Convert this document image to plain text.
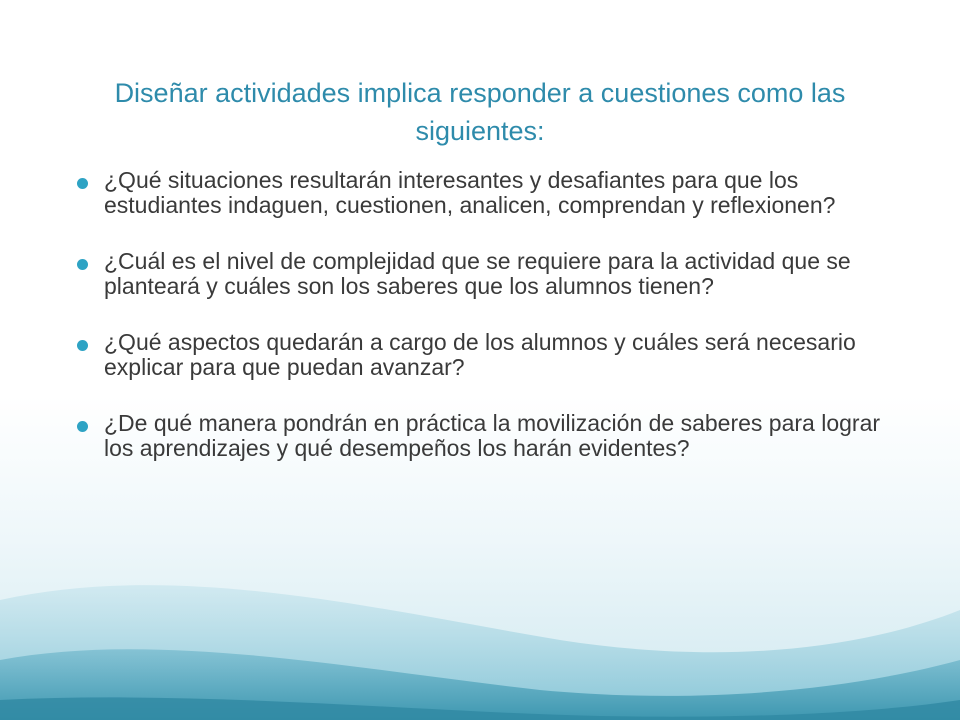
Diseñar actividades implica responder a cuestiones como las siguientes:
¿Qué situaciones resultarán interesantes y desafiantes para que los estudiantes indaguen, cuestionen, analicen, comprendan y reflexionen?
¿Cuál es el nivel de complejidad que se requiere para la actividad que se planteará y cuáles son los saberes que los alumnos tienen?
¿Qué aspectos quedarán a cargo de los alumnos y cuáles será necesario explicar para que puedan avanzar?
¿De qué manera pondrán en práctica la movilización de saberes para lograr los aprendizajes y qué desempeños los harán evidentes?
